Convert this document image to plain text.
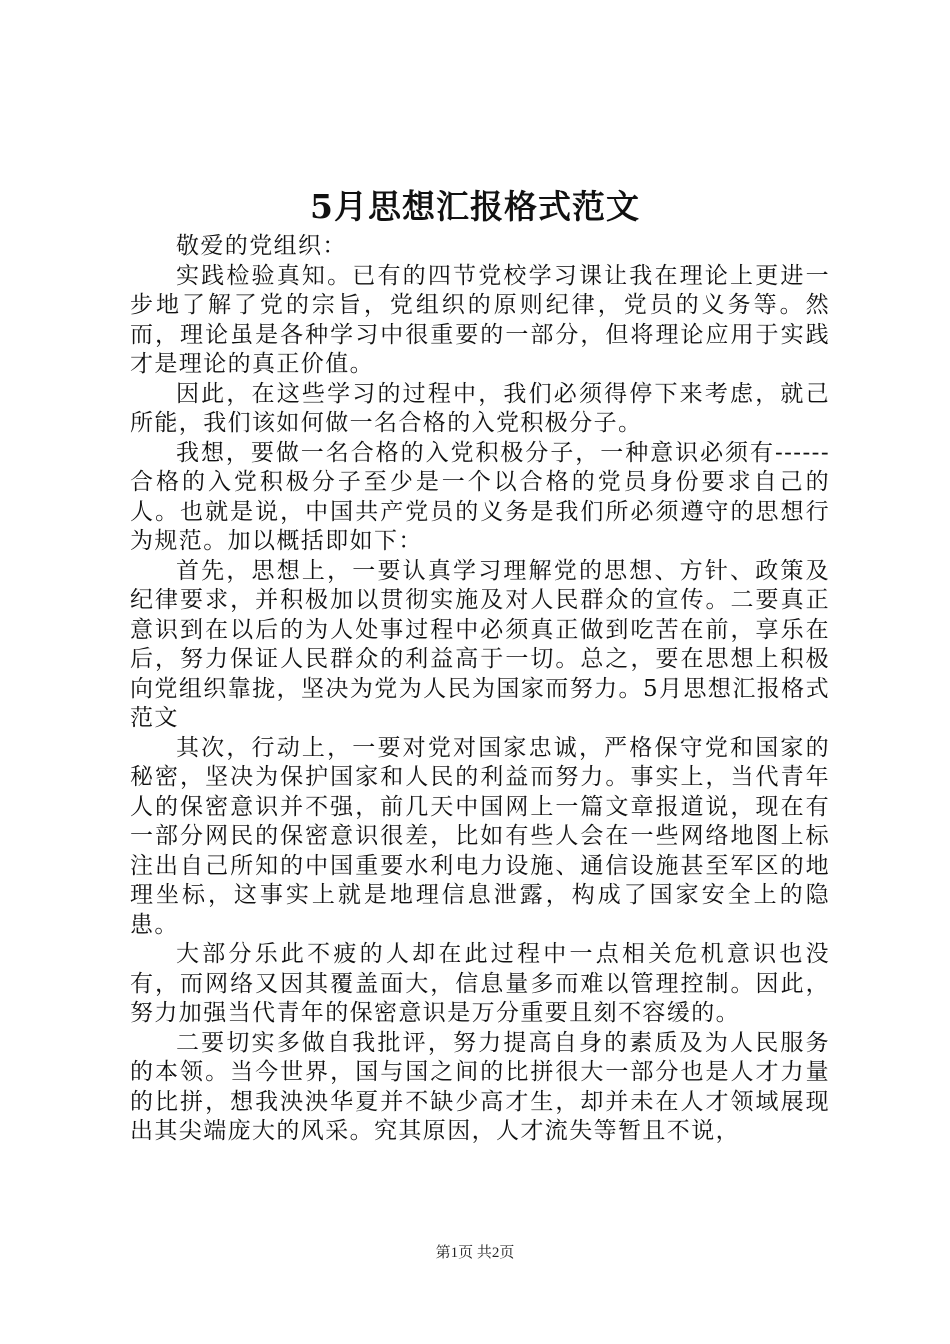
5月思想汇报格式范文

敬爱的党组织：

实践检验真知。已有的四节党校学习课让我在理论上更进一步地了解了党的宗旨，党组织的原则纪律，党员的义务等。然而，理论虽是各种学习中很重要的一部分，但将理论应用于实践才是理论的真正价值。

因此，在这些学习的过程中，我们必须得停下来考虑，就己所能，我们该如何做一名合格的入党积极分子。

我想，要做一名合格的入党积极分子，一种意识必须有------合格的入党积极分子至少是一个以合格的党员身份要求自己的人。也就是说，中国共产党员的义务是我们所必须遵守的思想行为规范。加以概括即如下：

首先，思想上，一要认真学习理解党的思想、方针、政策及纪律要求，并积极加以贯彻实施及对人民群众的宣传。二要真正意识到在以后的为人处事过程中必须真正做到吃苦在前，享乐在后，努力保证人民群众的利益高于一切。总之，要在思想上积极向党组织靠拢，坚决为党为人民为国家而努力。5月思想汇报格式范文

其次，行动上，一要对党对国家忠诚，严格保守党和国家的秘密，坚决为保护国家和人民的利益而努力。事实上，当代青年人的保密意识并不强，前几天中国网上一篇文章报道说，现在有一部分网民的保密意识很差，比如有些人会在一些网络地图上标注出自己所知的中国重要水利电力设施、通信设施甚至军区的地理坐标，这事实上就是地理信息泄露，构成了国家安全上的隐患。

大部分乐此不疲的人却在此过程中一点相关危机意识也没有，而网络又因其覆盖面大，信息量多而难以管理控制。因此，努力加强当代青年的保密意识是万分重要且刻不容缓的。

二要切实多做自我批评，努力提高自身的素质及为人民服务的本领。当今世界，国与国之间的比拼很大一部分也是人才力量的比拼，想我泱泱华夏并不缺少高才生，却并未在人才领域展现出其尖端庞大的风采。究其原因，人才流失等暂且不说，

第1页 共2页
